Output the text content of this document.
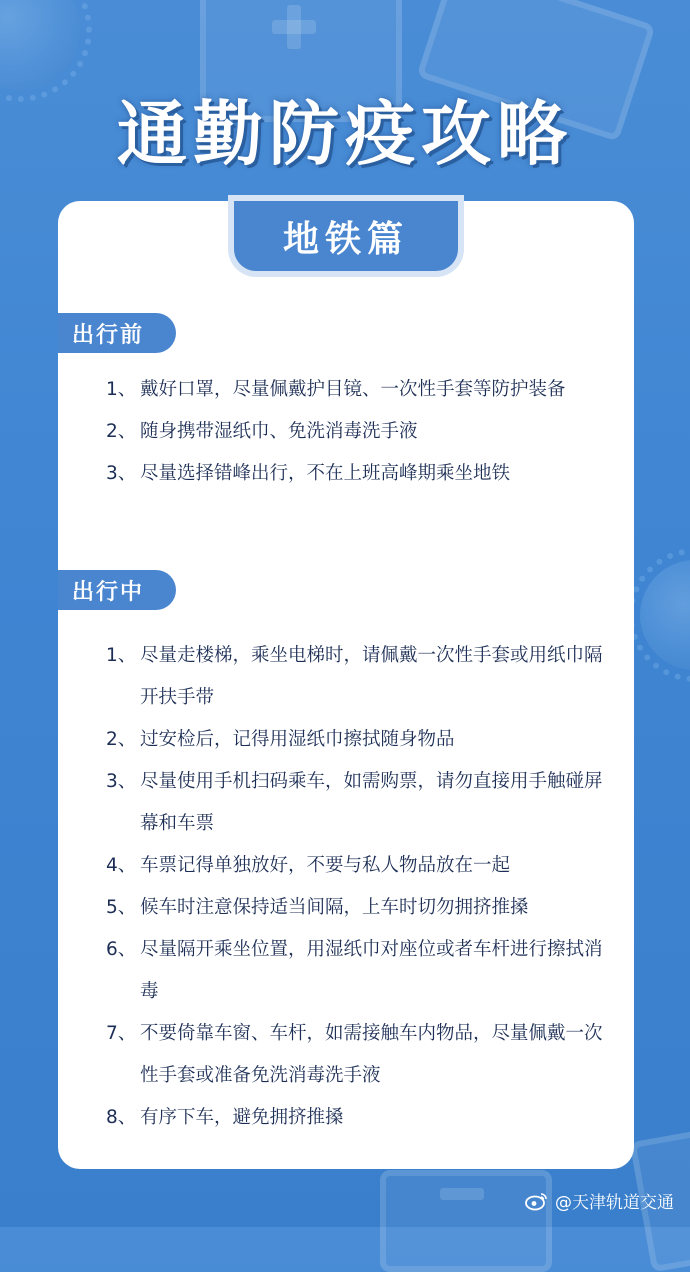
通勤防疫攻略
地铁篇
出行前
1、 戴好口罩，尽量佩戴护目镜、一次性手套等防护装备
2、 随身携带湿纸巾、免洗消毒洗手液
3、 尽量选择错峰出行，不在上班高峰期乘坐地铁
出行中
1、 尽量走楼梯，乘坐电梯时，请佩戴一次性手套或用纸巾隔开扶手带
2、 过安检后，记得用湿纸巾擦拭随身物品
3、 尽量使用手机扫码乘车，如需购票，请勿直接用手触碰屏幕和车票
4、 车票记得单独放好，不要与私人物品放在一起
5、 候车时注意保持适当间隔，上车时切勿拥挤推搡
6、 尽量隔开乘坐位置，用湿纸巾对座位或者车杆进行擦拭消毒
7、 不要倚靠车窗、车杆，如需接触车内物品，尽量佩戴一次性手套或准备免洗消毒洗手液
8、 有序下车，避免拥挤推搡
@天津轨道交通
